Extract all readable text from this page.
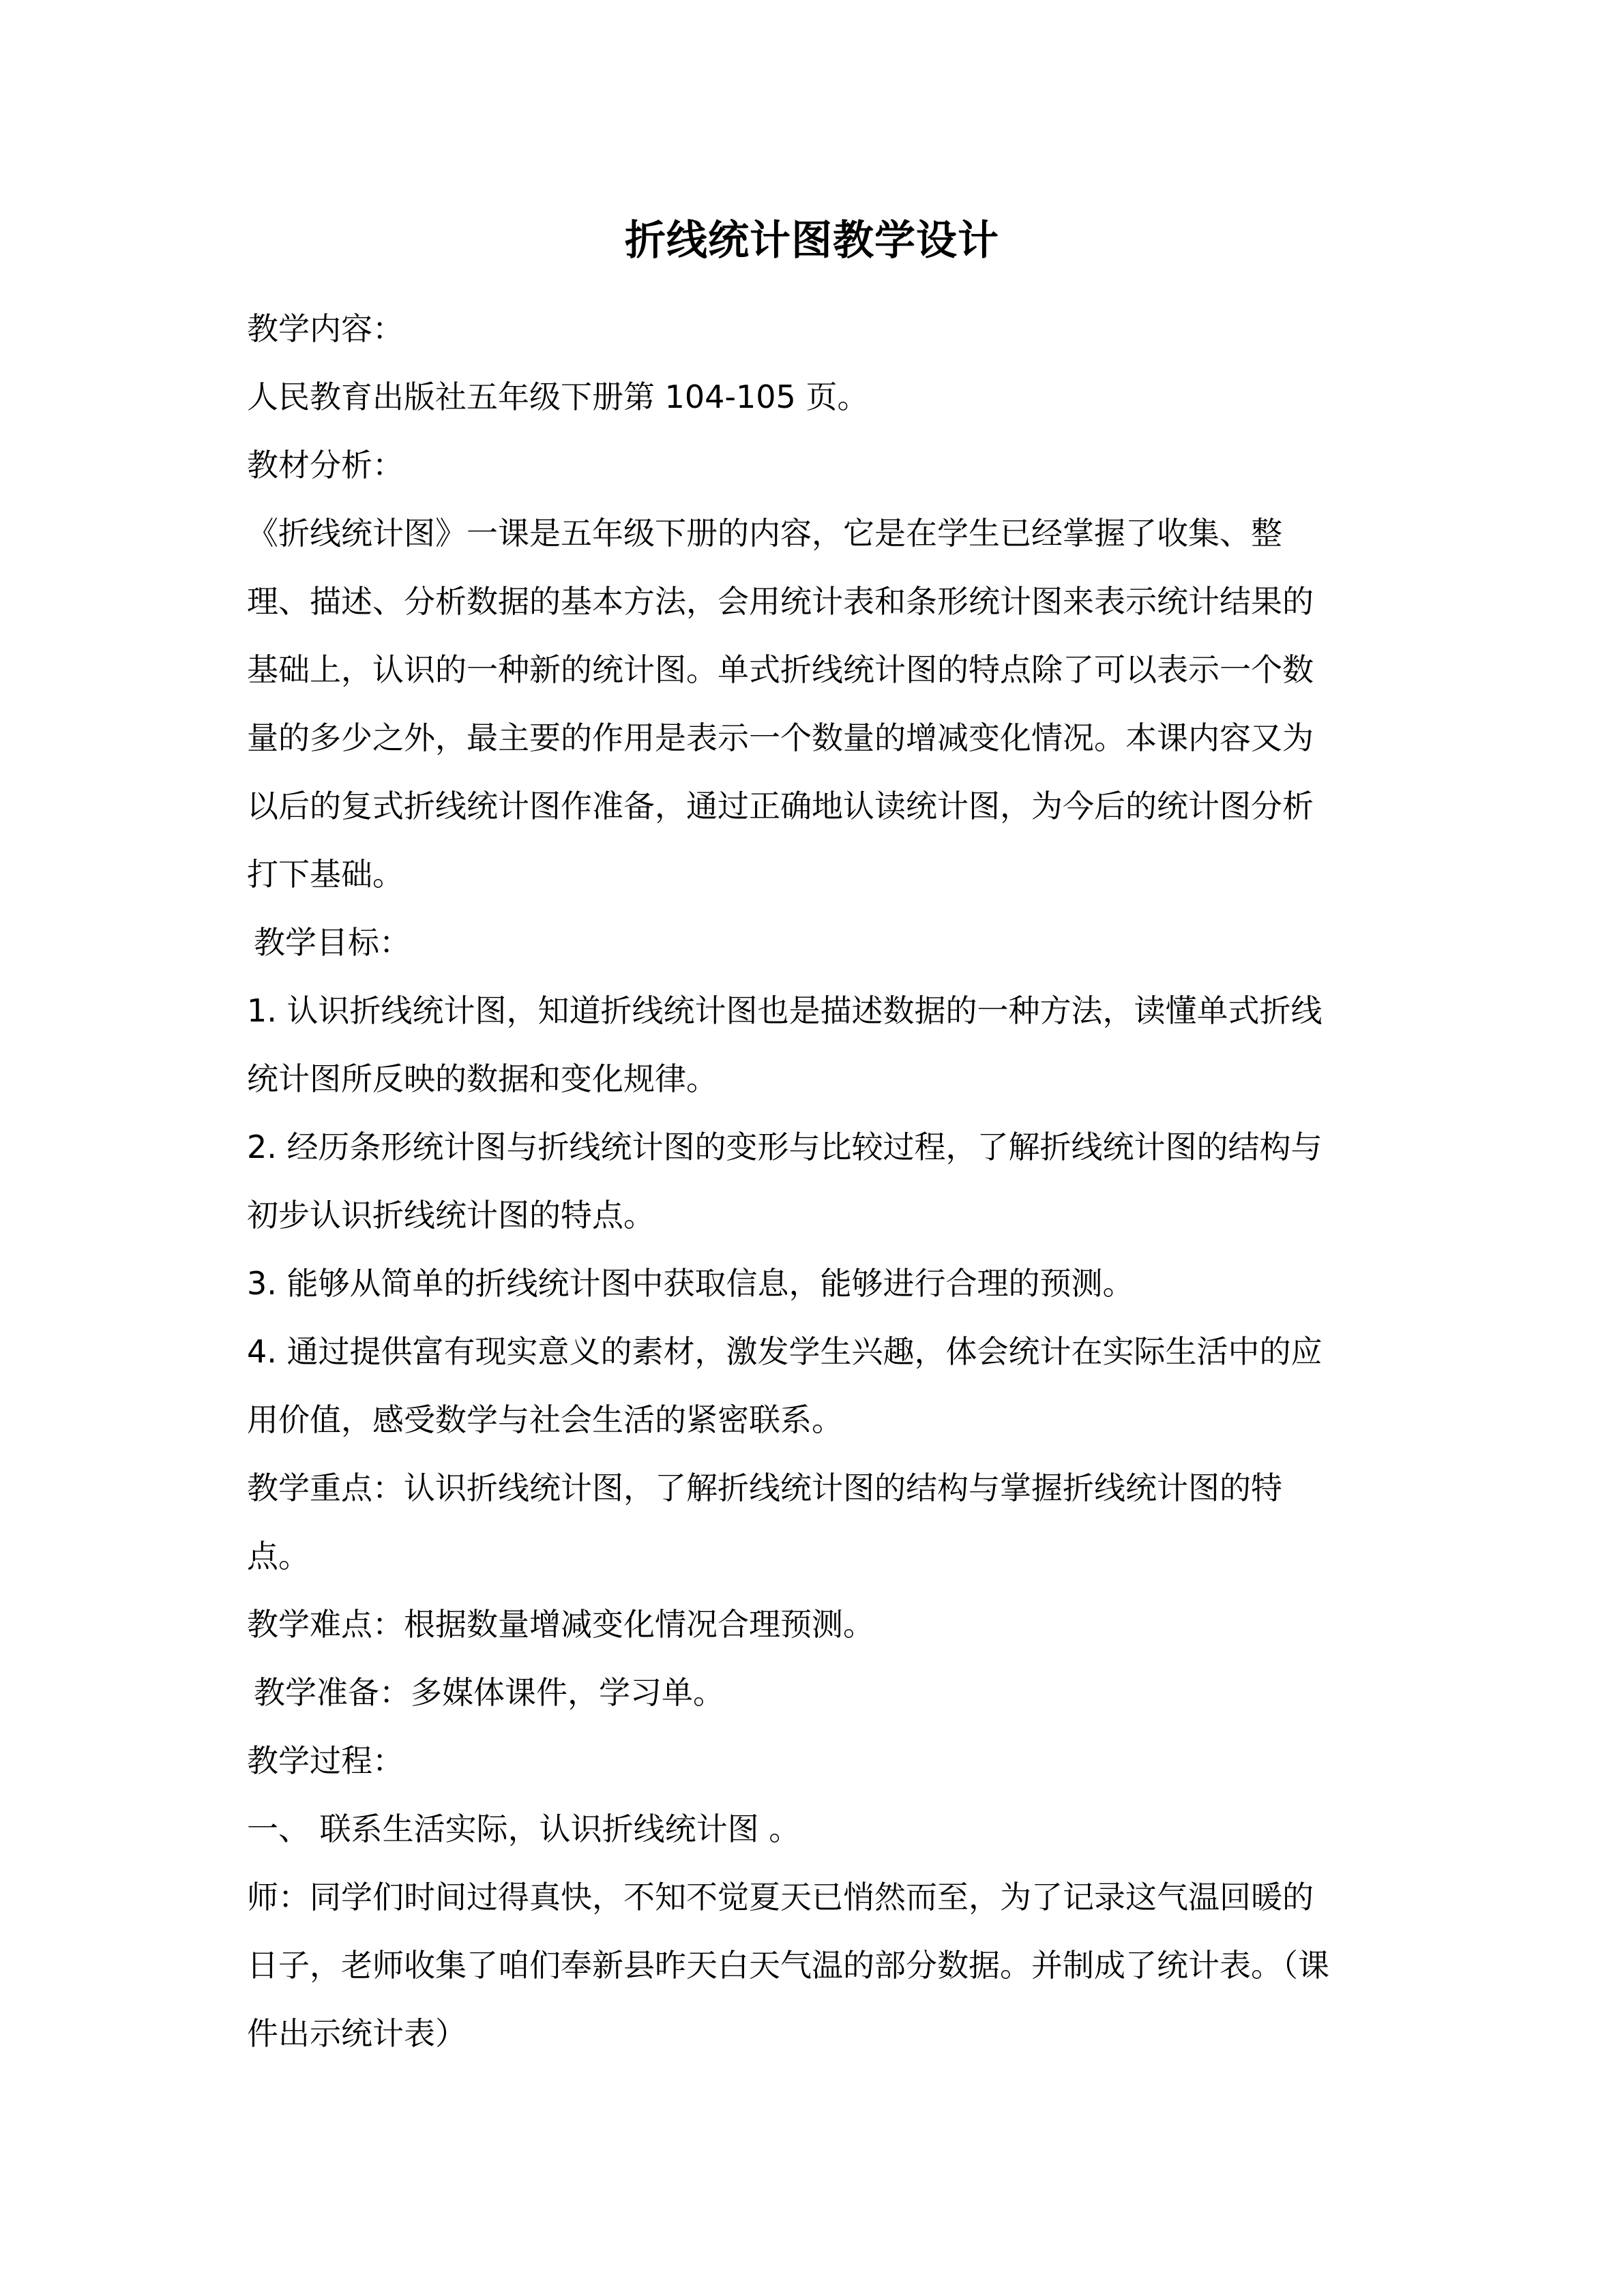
折线统计图教学设计
教学内容：
人民教育出版社五年级下册第 104-105 页。
教材分析：
《折线统计图》一课是五年级下册的内容，它是在学生已经掌握了收集、整
理、描述、分析数据的基本方法，会用统计表和条形统计图来表示统计结果的
基础上，认识的一种新的统计图。单式折线统计图的特点除了可以表示一个数
量的多少之外，最主要的作用是表示一个数量的增减变化情况。本课内容又为
以后的复式折线统计图作准备，通过正确地认读统计图，为今后的统计图分析
打下基础。
教学目标：
1. 认识折线统计图，知道折线统计图也是描述数据的一种方法，读懂单式折线
统计图所反映的数据和变化规律。
2. 经历条形统计图与折线统计图的变形与比较过程，了解折线统计图的结构与
初步认识折线统计图的特点。
3. 能够从简单的折线统计图中获取信息，能够进行合理的预测。
4. 通过提供富有现实意义的素材，激发学生兴趣，体会统计在实际生活中的应
用价值，感受数学与社会生活的紧密联系。
教学重点：认识折线统计图，了解折线统计图的结构与掌握折线统计图的特
点。
教学难点：根据数量增减变化情况合理预测。
教学准备：多媒体课件，学习单。
教学过程：
一、 联系生活实际，认识折线统计图 。
师：同学们时间过得真快，不知不觉夏天已悄然而至，为了记录这气温回暖的
日子，老师收集了咱们奉新县昨天白天气温的部分数据。并制成了统计表。（课
件出示统计表）
